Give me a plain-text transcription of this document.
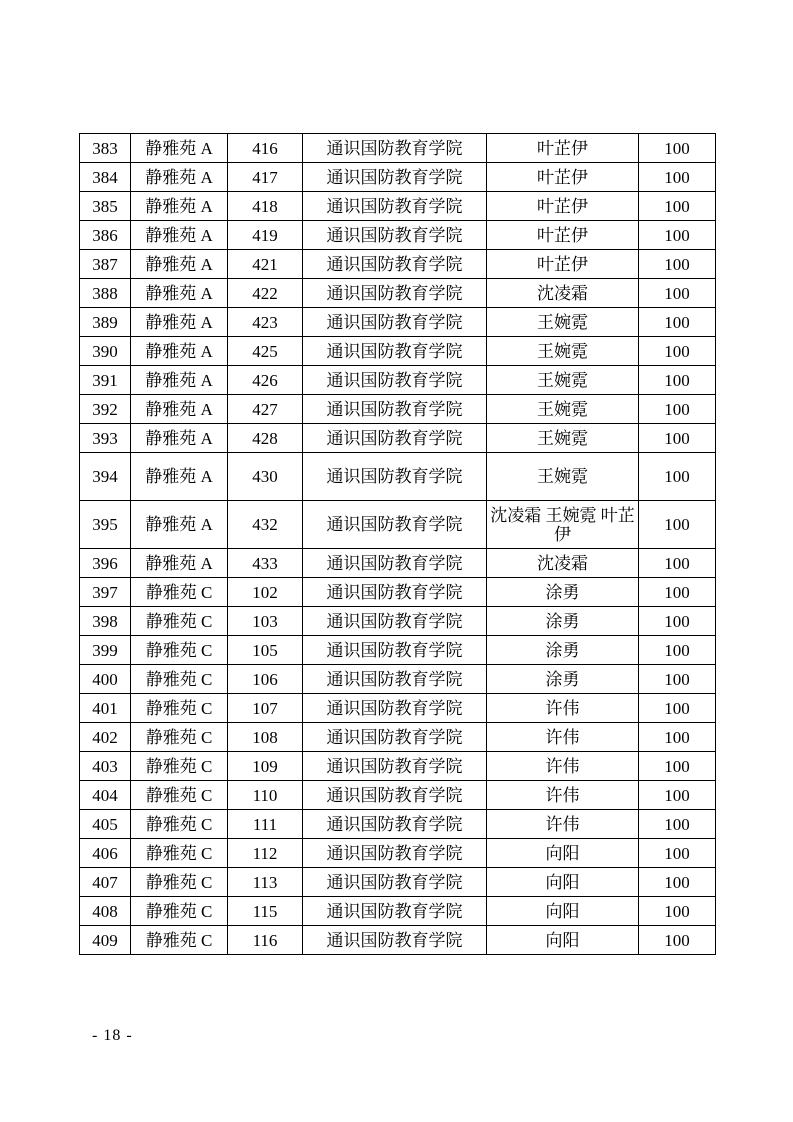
383	静雅苑 A	416	通识国防教育学院	叶芷伊	100
384	静雅苑 A	417	通识国防教育学院	叶芷伊	100
385	静雅苑 A	418	通识国防教育学院	叶芷伊	100
386	静雅苑 A	419	通识国防教育学院	叶芷伊	100
387	静雅苑 A	421	通识国防教育学院	叶芷伊	100
388	静雅苑 A	422	通识国防教育学院	沈凌霜	100
389	静雅苑 A	423	通识国防教育学院	王婉霓	100
390	静雅苑 A	425	通识国防教育学院	王婉霓	100
391	静雅苑 A	426	通识国防教育学院	王婉霓	100
392	静雅苑 A	427	通识国防教育学院	王婉霓	100
393	静雅苑 A	428	通识国防教育学院	王婉霓	100
394	静雅苑 A	430	通识国防教育学院	王婉霓	100
395	静雅苑 A	432	通识国防教育学院	沈凌霜 王婉霓 叶芷伊	100
396	静雅苑 A	433	通识国防教育学院	沈凌霜	100
397	静雅苑 C	102	通识国防教育学院	涂勇	100
398	静雅苑 C	103	通识国防教育学院	涂勇	100
399	静雅苑 C	105	通识国防教育学院	涂勇	100
400	静雅苑 C	106	通识国防教育学院	涂勇	100
401	静雅苑 C	107	通识国防教育学院	许伟	100
402	静雅苑 C	108	通识国防教育学院	许伟	100
403	静雅苑 C	109	通识国防教育学院	许伟	100
404	静雅苑 C	110	通识国防教育学院	许伟	100
405	静雅苑 C	111	通识国防教育学院	许伟	100
406	静雅苑 C	112	通识国防教育学院	向阳	100
407	静雅苑 C	113	通识国防教育学院	向阳	100
408	静雅苑 C	115	通识国防教育学院	向阳	100
409	静雅苑 C	116	通识国防教育学院	向阳	100
- 18 -
